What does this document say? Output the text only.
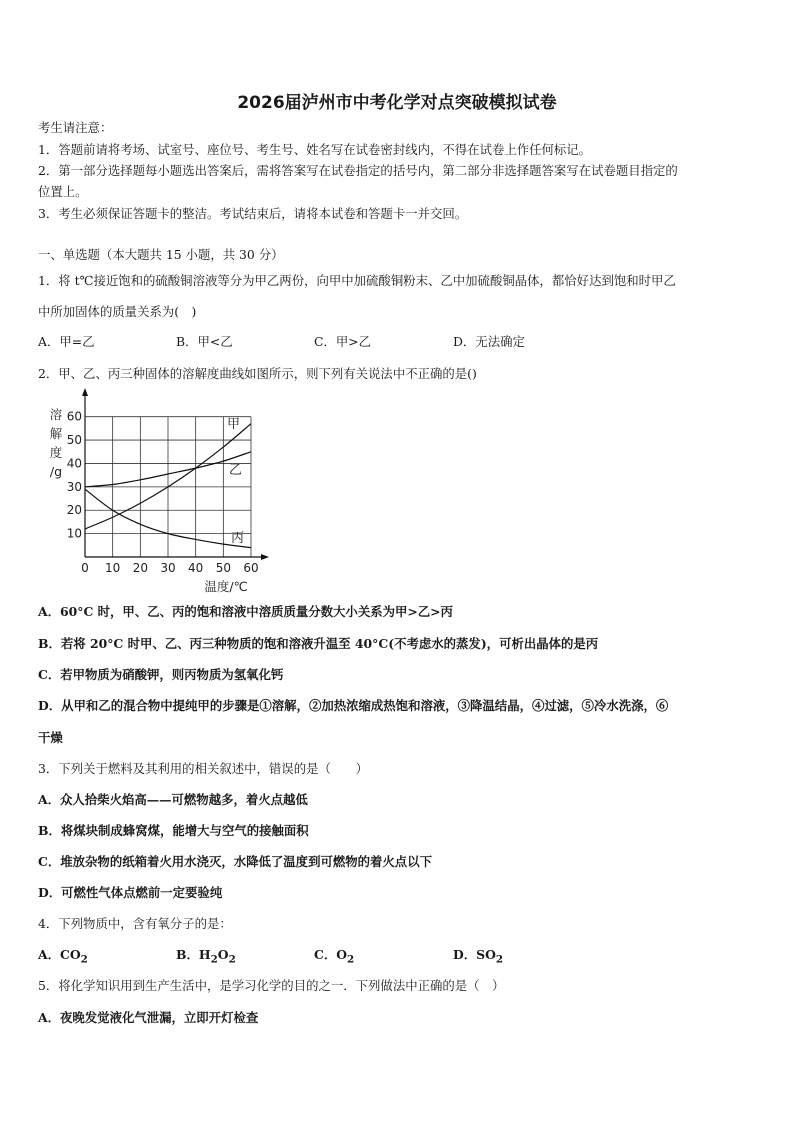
2026届泸州市中考化学对点突破模拟试卷
考生请注意：
1．答题前请将考场、试室号、座位号、考生号、姓名写在试卷密封线内，不得在试卷上作任何标记。
2．第一部分选择题每小题选出答案后，需将答案写在试卷指定的括号内，第二部分非选择题答案写在试卷题目指定的
位置上。
3．考生必须保证答题卡的整洁。考试结束后，请将本试卷和答题卡一并交回。
一、单选题（本大题共 15 小题，共 30 分）
1．将 t℃接近饱和的硫酸铜溶液等分为甲乙两份，向甲中加硫酸铜粉末、乙中加硫酸铜晶体，都恰好达到饱和时甲乙
中所加固体的质量关系为(　)
A．甲=乙	B．甲<乙	C．甲>乙	D．无法确定
2．甲、乙、丙三种固体的溶解度曲线如图所示，则下列有关说法中不正确的是()
0 10 20 30 40 50 60
10
20
30
40
50
60
溶
解
度
/g
温度/℃
甲
乙
丙
A．60°C 时，甲、乙、丙的饱和溶液中溶质质量分数大小关系为甲>乙>丙
B．若将 20°C 时甲、乙、丙三种物质的饱和溶液升温至 40°C(不考虑水的蒸发)，可析出晶体的是丙
C．若甲物质为硝酸钾，则丙物质为氢氧化钙
D．从甲和乙的混合物中提纯甲的步骤是①溶解，②加热浓缩成热饱和溶液，③降温结晶，④过滤，⑤冷水洗涤，⑥
干燥
3．下列关于燃料及其利用的相关叙述中，错误的是（　　）
A．众人拾柴火焰高——可燃物越多，着火点越低
B．将煤块制成蜂窝煤，能增大与空气的接触面积
C．堆放杂物的纸箱着火用水浇灭，水降低了温度到可燃物的着火点以下
D．可燃性气体点燃前一定要验纯
4．下列物质中，含有氧分子的是：
A．$CO_2$	B．$H_2O_2$	C．$O_2$	D．$SO_2$
5．将化学知识用到生产生活中，是学习化学的目的之一．下列做法中正确的是（　）
A．夜晚发觉液化气泄漏，立即开灯检查
